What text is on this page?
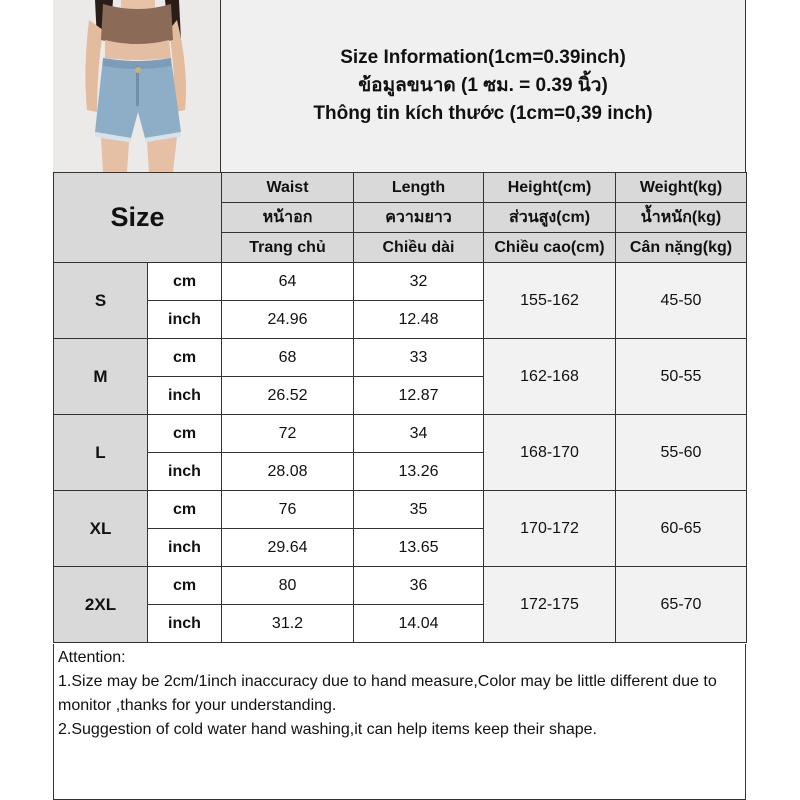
Size Information(1cm=0.39inch)
ข้อมูลขนาด (1 ซม. = 0.39 นิ้ว)
Thông tin kích thước (1cm=0,39 inch)
Size		Waist	Length	Height(cm)	Weight(kg)
		หน้าอก	ความยาว	ส่วนสูง(cm)	น้ำหนัก(kg)
		Trang chủ	Chiều dài	Chiều cao(cm)	Cân nặng(kg)
S	cm	64	32	155-162	45-50
	inch	24.96	12.48		
M	cm	68	33	162-168	50-55
	inch	26.52	12.87		
L	cm	72	34	168-170	55-60
	inch	28.08	13.26		
XL	cm	76	35	170-172	60-65
	inch	29.64	13.65		
2XL	cm	80	36	172-175	65-70
	inch	31.2	14.04		
Attention:
1.Size may be 2cm/1inch inaccuracy due to hand measure,Color may be little different due to monitor ,thanks for your understanding.
2.Suggestion of cold water hand washing,it can help items keep their shape.
